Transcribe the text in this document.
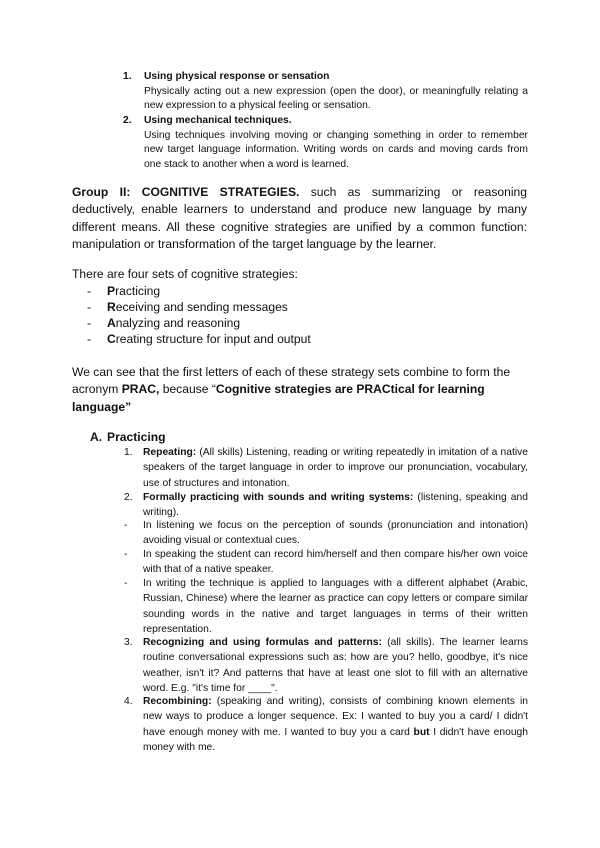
1. Using physical response or sensation
Physically acting out a new expression (open the door), or meaningfully relating a new expression to a physical feeling or sensation.
2. Using mechanical techniques.
Using techniques involving moving or changing something in order to remember new target language information. Writing words on cards and moving cards from one stack to another when a word is learned.
Group II: COGNITIVE STRATEGIES. such as summarizing or reasoning deductively, enable learners to understand and produce new language by many different means. All these cognitive strategies are unified by a common function: manipulation or transformation of the target language by the learner.
There are four sets of cognitive strategies:
- Practicing
- Receiving and sending messages
- Analyzing and reasoning
- Creating structure for input and output
We can see that the first letters of each of these strategy sets combine to form the acronym PRAC, because “Cognitive strategies are PRACtical for learning language”
A. Practicing
1. Repeating: (All skills) Listening, reading or writing repeatedly in imitation of a native speakers of the target language in order to improve our pronunciation, vocabulary, use of structures and intonation.
2. Formally practicing with sounds and writing systems: (listening, speaking and writing).
- In listening we focus on the perception of sounds (pronunciation and intonation) avoiding visual or contextual cues.
- In speaking the student can record him/herself and then compare his/her own voice with that of a native speaker.
- In writing the technique is applied to languages with a different alphabet (Arabic, Russian, Chinese) where the learner as practice can copy letters or compare similar sounding words in the native and target languages in terms of their written representation.
3. Recognizing and using formulas and patterns: (all skills). The learner learns routine conversational expressions such as: how are you? hello, goodbye, it's nice weather, isn't it? And patterns that have at least one slot to fill with an alternative word. E.g. "it's time for ____".
4. Recombining: (speaking and writing), consists of combining known elements in new ways to produce a longer sequence. Ex: I wanted to buy you a card/ I didn't have enough money with me. I wanted to buy you a card but I didn't have enough money with me.
